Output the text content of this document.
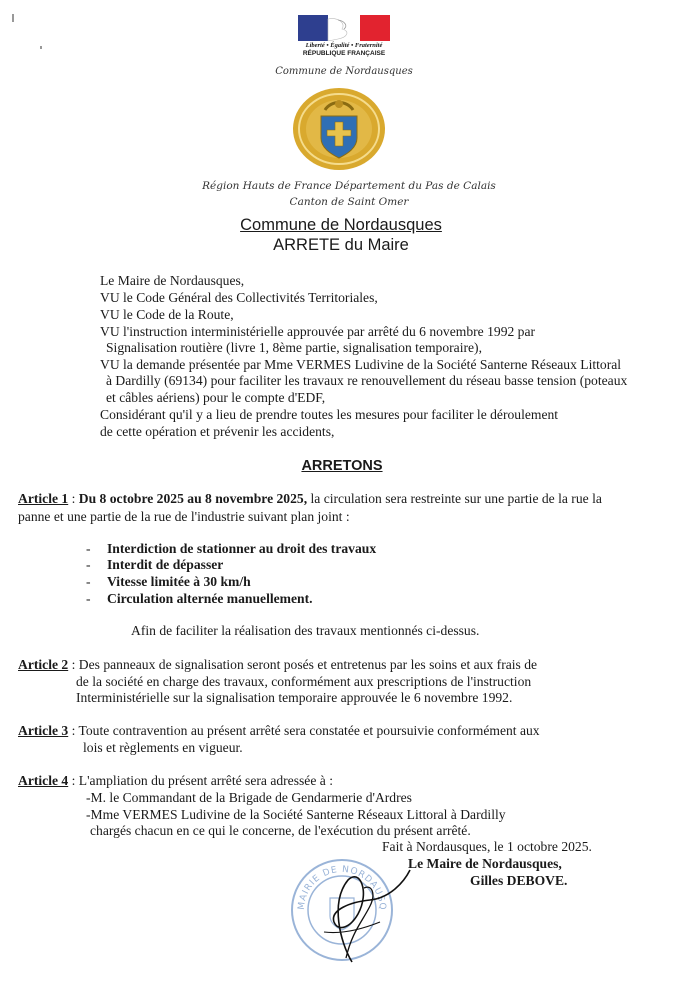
Liberté • Égalité • Fraternité
RÉPUBLIQUE FRANÇAISE
Commune de Nordausques
Région Hauts de France Département du Pas de Calais
Canton de Saint Omer
Commune de Nordausques
ARRETE du Maire
Le Maire de Nordausques,
VU le Code Général des Collectivités Territoriales,
VU le Code de la Route,
VU l'instruction interministérielle approuvée par arrêté du 6 novembre 1992 par
Signalisation routière (livre 1, 8ème partie, signalisation temporaire),
VU la demande présentée par Mme VERMES Ludivine de la Société Santerne Réseaux Littoral
à Dardilly (69134) pour faciliter les travaux re renouvellement du réseau basse tension (poteaux
et câbles aériens) pour le compte d'EDF,
Considérant qu'il y a lieu de prendre toutes les mesures pour faciliter le déroulement
de cette opération et prévenir les accidents,
ARRETONS
Article 1 : Du 8 octobre 2025 au 8 novembre 2025, la circulation sera restreinte sur une partie de la rue la
panne et une partie de la rue de l'industrie suivant plan joint :
- Interdiction de stationner au droit des travaux
- Interdit de dépasser
- Vitesse limitée à 30 km/h
- Circulation alternée manuellement.
Afin de faciliter la réalisation des travaux mentionnés ci-dessus.
Article 2 : Des panneaux de signalisation seront posés et entretenus par les soins et aux frais de
de la société en charge des travaux, conformément aux prescriptions de l'instruction
Interministérielle sur la signalisation temporaire approuvée le 6 novembre 1992.
Article 3 : Toute contravention au présent arrêté sera constatée et poursuivie conformément aux
lois et règlements en vigueur.
Article 4 : L'ampliation du présent arrêté sera adressée à :
-M. le Commandant de la Brigade de Gendarmerie d'Ardres
-Mme VERMES Ludivine de la Société Santerne Réseaux Littoral à Dardilly
chargés chacun en ce qui le concerne, de l'exécution du présent arrêté.
Fait à Nordausques, le 1 octobre 2025.
Le Maire de Nordausques,
Gilles DEBOVE.
MAIRIE DE NORDAUSQ
